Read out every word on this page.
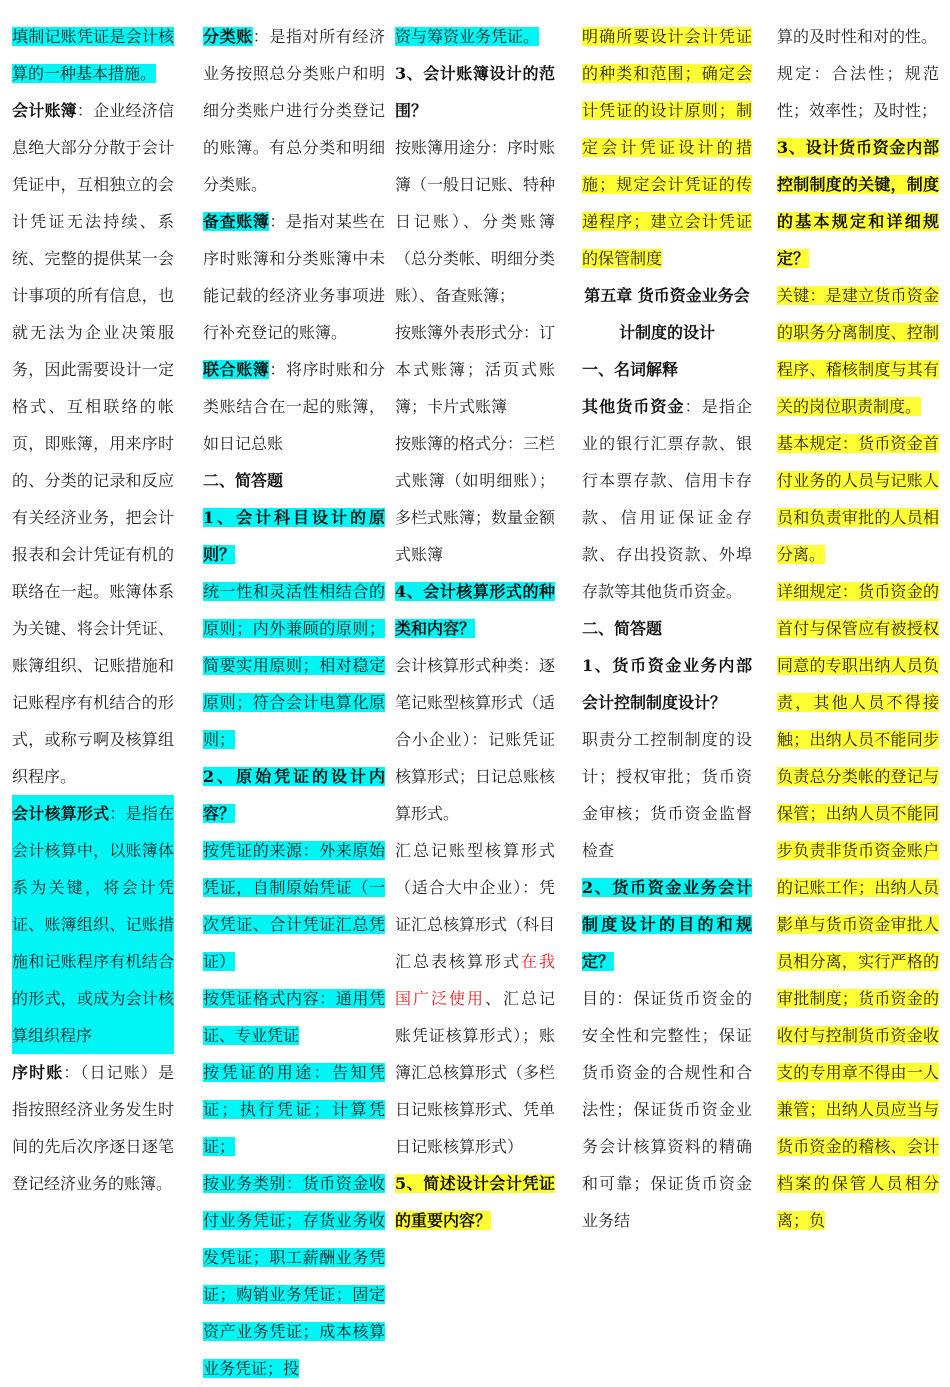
填制记账凭证是会计核算的一种基本措施。
会计账簿：企业经济信息绝大部分分散于会计凭证中，互相独立的会计凭证无法持续、系统、完整的提供某一会计事项的所有信息，也就无法为企业决策服务，因此需要设计一定格式、互相联络的帐页，即账簿，用来序时的、分类的记录和反应有关经济业务，把会计报表和会计凭证有机的联络在一起。账簿体系为关键、将会计凭证、账簿组织、记账措施和记账程序有机结合的形式，或称亏啊及核算组织程序。
会计核算形式：是指在会计核算中，以账簿体系为关键，将会计凭证、账簿组织、记账措施和记账程序有机结合的形式，或成为会计核算组织程序
序时账：（日记账）是指按照经济业务发生时间的先后次序逐日逐笔登记经济业务的账簿。
分类账：是指对所有经济业务按照总分类账户和明细分类账户进行分类登记的账簿。有总分类和明细分类账。
备查账簿：是指对某些在序时账簿和分类账簿中未能记载的经济业务事项进行补充登记的账簿。
联合账簿：将序时账和分类账结合在一起的账簿，如日记总账
二、简答题
1、会计科目设计的原则？
统一性和灵活性相结合的原则；内外兼顾的原则；简要实用原则；相对稳定原则；符合会计电算化原则；
2、原始凭证的设计内容？
按凭证的来源：外来原始凭证，自制原始凭证（一次凭证、合计凭证汇总凭证）
按凭证格式内容：通用凭证、专业凭证
按凭证的用途：告知凭证；执行凭证；计算凭证；
按业务类别：货币资金收付业务凭证；存货业务收发凭证；职工薪酬业务凭证；购销业务凭证；固定资产业务凭证；成本核算业务凭证；投
资与筹资业务凭证。
3、会计账簿设计的范围？
按账簿用途分：序时账簿（一般日记账、特种日记账）、分类账簿（总分类帐、明细分类账）、备查账簿；
按账簿外表形式分：订本式账簿；活页式账簿；卡片式账簿
按账簿的格式分：三栏式账簿（如明细账）；多栏式账簿；数量金额式账簿
4、会计核算形式的种类和内容？
会计核算形式种类：逐笔记账型核算形式（适合小企业）：记账凭证核算形式；日记总账核算形式。
汇总记账型核算形式（适合大中企业）：凭证汇总核算形式（科目汇总表核算形式在我国广泛使用、汇总记账凭证核算形式）；账簿汇总核算形式（多栏日记账核算形式、凭单日记账核算形式）
5、简述设计会计凭证的重要内容？
明确所要设计会计凭证的种类和范围；确定会计凭证的设计原则；制定会计凭证设计的措施；规定会计凭证的传递程序；建立会计凭证的保管制度
第五章 货币资金业务会计制度的设计
一、名词解释
其他货币资金：是指企业的银行汇票存款、银行本票存款、信用卡存款、信用证保证金存款、存出投资款、外埠存款等其他货币资金。
二、简答题
1、货币资金业务内部会计控制制度设计？
职责分工控制制度的设计；授权审批；货币资金审核；货币资金监督检查
2、货币资金业务会计制度设计的目的和规定？
目的：保证货币资金的安全性和完整性；保证货币资金的合规性和合法性；保证货币资金业务会计核算资料的精确和可靠；保证货币资金业务结
算的及时性和对的性。
规定：合法性；规范性；效率性；及时性；
3、设计货币资金内部控制制度的关键，制度的基本规定和详细规定？
关键：是建立货币资金的职务分离制度、控制程序、稽核制度与其有关的岗位职责制度。
基本规定：货币资金首付业务的人员与记账人员和负责审批的人员相分离。
详细规定：货币资金的首付与保管应有被授权同意的专职出纳人员负责，其他人员不得接触；出纳人员不能同步负责总分类帐的登记与保管；出纳人员不能同步负责非货币资金账户的记账工作；出纳人员影单与货币资金审批人员相分离，实行严格的审批制度；货币资金的收付与控制货币资金收支的专用章不得由一人兼管；出纳人员应当与货币资金的稽核、会计档案的保管人员相分离；负
